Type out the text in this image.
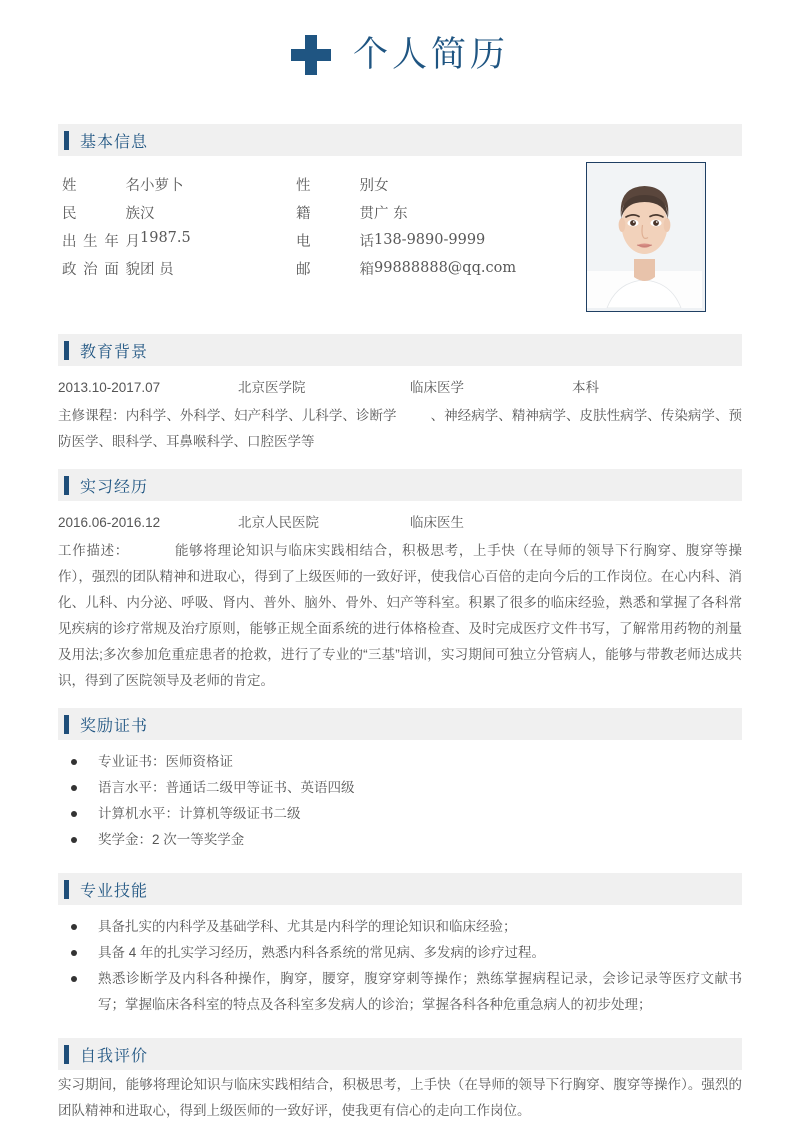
个人简历
基本信息
姓　名 小萝卜	性　别 女
民　族 汉	籍　贯 广 东
出生年月 1987.5	电　话 138-9890-9999
政治面貌 团 员	邮　箱 99888888@qq.com
教育背景
2013.10-2017.07	北京医学院	临床医学	本科

主修课程：内科学、外科学、妇产科学、儿科学、诊断学	、神经病学、精神病学、皮肤性病学、传染病学、预防医学、眼科学、耳鼻喉科学、口腔医学等

实习经历
2016.06-2016.12	北京人民医院	临床医生

工作描述：	能够将理论知识与临床实践相结合，积极思考，上手快（在导师的领导下行胸穿、腹穿等操作），强烈的团队精神和进取心，得到了上级医师的一致好评，使我信心百倍的走向今后的工作岗位。在心内科、消化、儿科、内分泌、呼吸、肾内、普外、脑外、骨外、妇产等科室。积累了很多的临床经验，熟悉和掌握了各科常见疾病的诊疗常规及治疗原则，能够正规全面系统的进行体格检查、及时完成医疗文件书写，了解常用药物的剂量及用法;多次参加危重症患者的抢救，进行了专业的“三基”培训，实习期间可独立分管病人，能够与带教老师达成共识，得到了医院领导及老师的肯定。

奖励证书
专业证书：医师资格证
语言水平：普通话二级甲等证书、英语四级
计算机水平：计算机等级证书二级
奖学金：2 次一等奖学金
专业技能
具备扎实的内科学及基础学科、尤其是内科学的理论知识和临床经验；
具备 4 年的扎实学习经历，熟悉内科各系统的常见病、多发病的诊疗过程。
熟悉诊断学及内科各种操作，胸穿，腰穿，腹穿穿刺等操作；熟练掌握病程记录，会诊记录等医疗文献书写；掌握临床各科室的特点及各科室多发病人的诊治；掌握各科各种危重急病人的初步处理；
自我评价

实习期间，能够将理论知识与临床实践相结合，积极思考，上手快（在导师的领导下行胸穿、腹穿等操作）。强烈的团队精神和进取心，得到上级医师的一致好评，使我更有信心的走向工作岗位。
